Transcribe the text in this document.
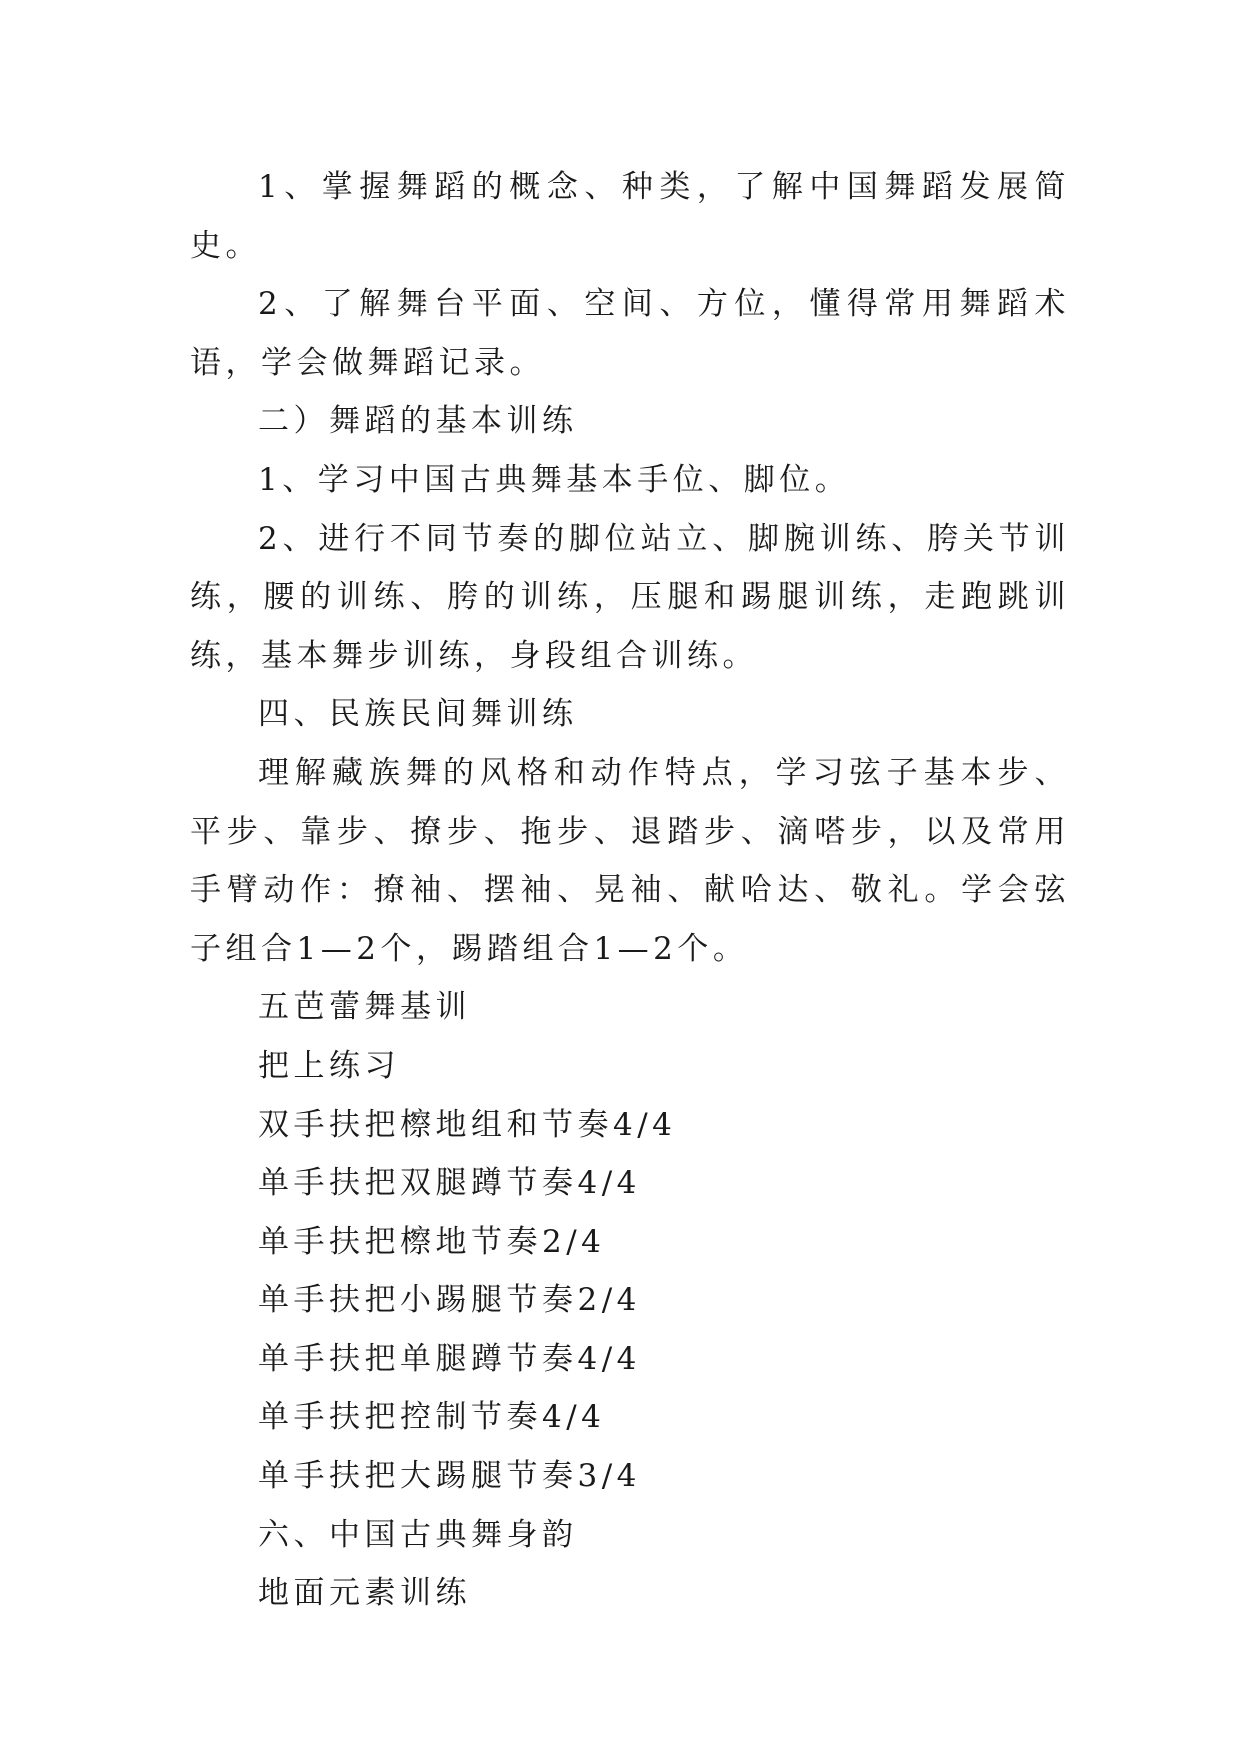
1、掌握舞蹈的概念、种类，了解中国舞蹈发展简史。

2、了解舞台平面、空间、方位，懂得常用舞蹈术语，学会做舞蹈记录。

二）舞蹈的基本训练

1、学习中国古典舞基本手位、脚位。

2、进行不同节奏的脚位站立、脚腕训练、胯关节训练，腰的训练、胯的训练，压腿和踢腿训练，走跑跳训练，基本舞步训练，身段组合训练。

四、民族民间舞训练

理解藏族舞的风格和动作特点，学习弦子基本步、平步、靠步、撩步、拖步、退踏步、滴嗒步，以及常用手臂动作：撩袖、摆袖、晃袖、献哈达、敬礼。学会弦子组合1—2个，踢踏组合1—2个。

五芭蕾舞基训

把上练习

双手扶把檫地组和节奏4/4

单手扶把双腿蹲节奏4/4

单手扶把檫地节奏2/4

单手扶把小踢腿节奏2/4

单手扶把单腿蹲节奏4/4

单手扶把控制节奏4/4

单手扶把大踢腿节奏3/4

六、中国古典舞身韵

地面元素训练
